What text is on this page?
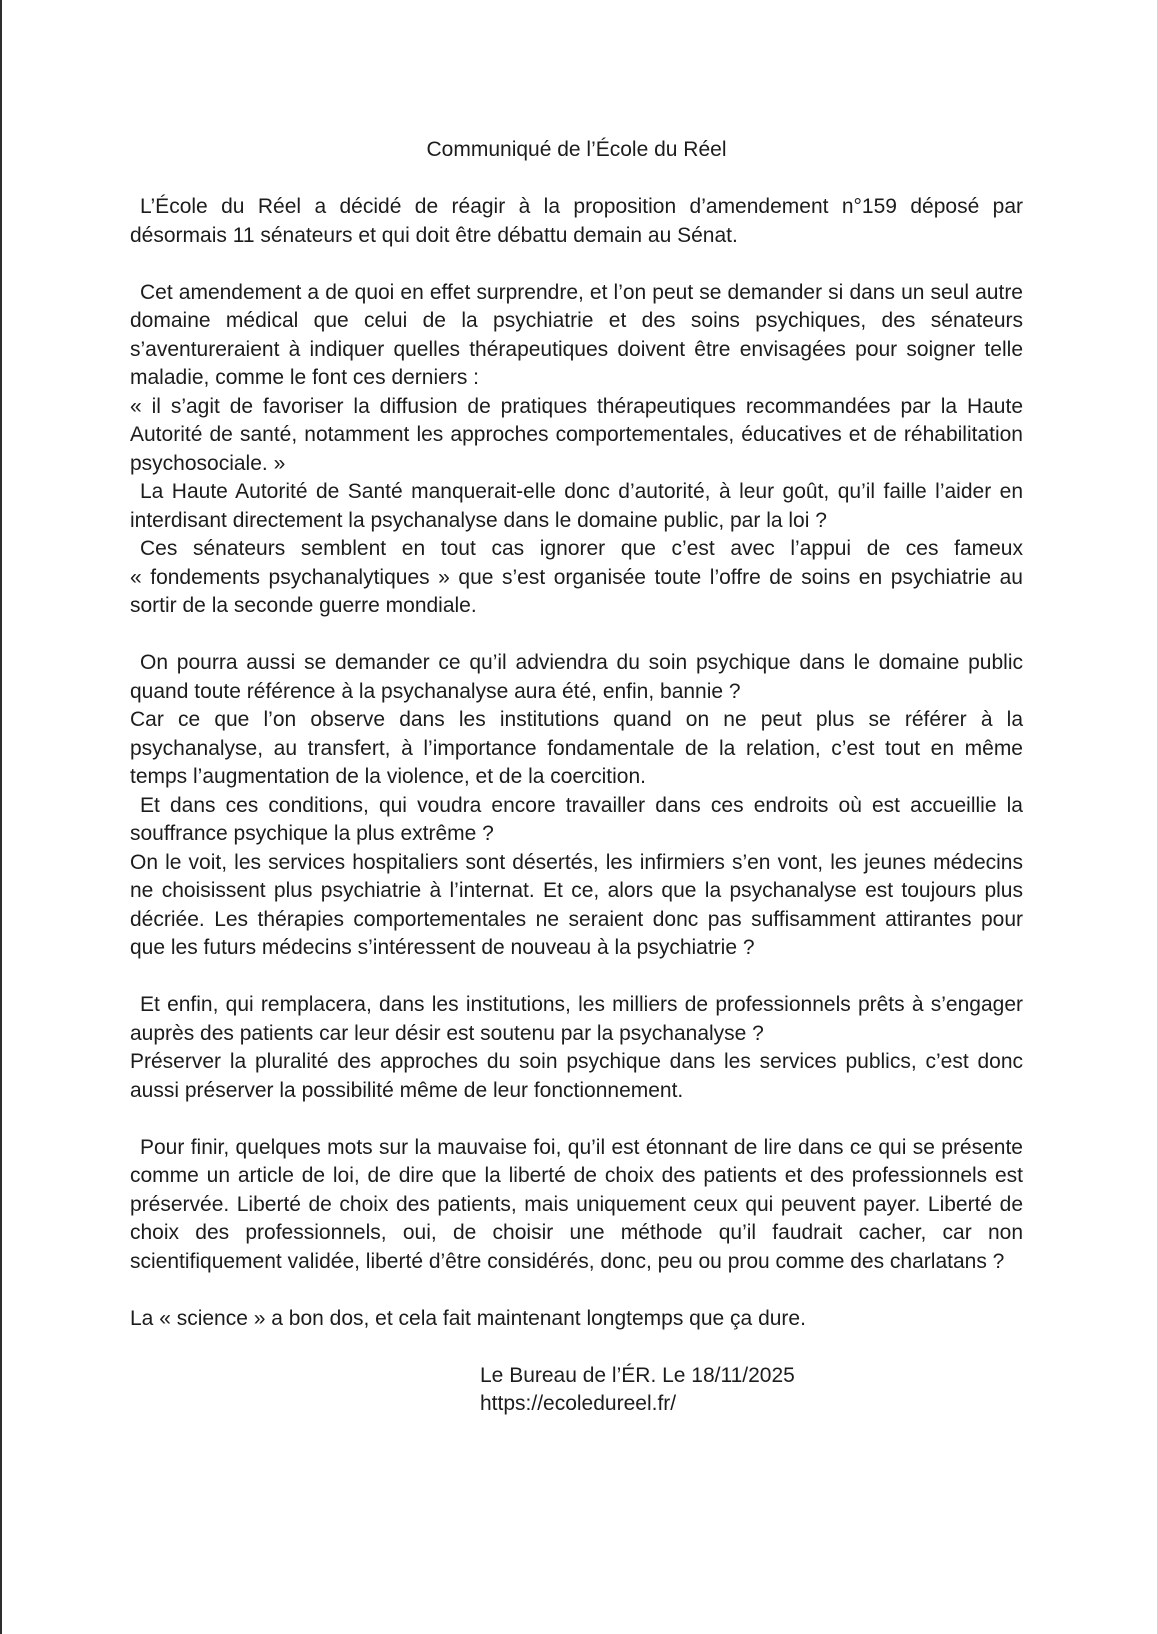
Communiqué de l’École du Réel

L’École du Réel a décidé de réagir à la proposition d’amendement n°159 déposé par désormais 11 sénateurs et qui doit être débattu demain au Sénat.

Cet amendement a de quoi en effet surprendre, et l’on peut se demander si dans un seul autre domaine médical que celui de la psychiatrie et des soins psychiques, des sénateurs s’aventureraient à indiquer quelles thérapeutiques doivent être envisagées pour soigner telle maladie, comme le font ces derniers :

« il s’agit de favoriser la diffusion de pratiques thérapeutiques recommandées par la Haute Autorité de santé, notamment les approches comportementales, éducatives et de réhabilitation psychosociale. »

La Haute Autorité de Santé manquerait-elle donc d’autorité, à leur goût, qu’il faille l’aider en interdisant directement la psychanalyse dans le domaine public, par la loi ?

Ces sénateurs semblent en tout cas ignorer que c’est avec l’appui de ces fameux « fondements psychanalytiques » que s’est organisée toute l’offre de soins en psychiatrie au sortir de la seconde guerre mondiale.

On pourra aussi se demander ce qu’il adviendra du soin psychique dans le domaine public quand toute référence à la psychanalyse aura été, enfin, bannie ?

Car ce que l’on observe dans les institutions quand on ne peut plus se référer à la psychanalyse, au transfert, à l’importance fondamentale de la relation, c’est tout en même temps l’augmentation de la violence, et de la coercition.

Et dans ces conditions, qui voudra encore travailler dans ces endroits où est accueillie la souffrance psychique la plus extrême ?

On le voit, les services hospitaliers sont désertés, les infirmiers s’en vont, les jeunes médecins ne choisissent plus psychiatrie à l’internat. Et ce, alors que la psychanalyse est toujours plus décriée. Les thérapies comportementales ne seraient donc pas suffisamment attirantes pour que les futurs médecins s’intéressent de nouveau à la psychiatrie ?

Et enfin, qui remplacera, dans les institutions, les milliers de professionnels prêts à s’engager auprès des patients car leur désir est soutenu par la psychanalyse ?

Préserver la pluralité des approches du soin psychique dans les services publics, c’est donc aussi préserver la possibilité même de leur fonctionnement.

Pour finir, quelques mots sur la mauvaise foi, qu’il est étonnant de lire dans ce qui se présente comme un article de loi, de dire que la liberté de choix des patients et des professionnels est préservée. Liberté de choix des patients, mais uniquement ceux qui peuvent payer. Liberté de choix des professionnels, oui, de choisir une méthode qu’il faudrait cacher, car non scientifiquement validée, liberté d’être considérés, donc, peu ou prou comme des charlatans ?

La « science » a bon dos, et cela fait maintenant longtemps que ça dure.

Le Bureau de l’ÉR. Le 18/11/2025
https://ecoledureel.fr/
